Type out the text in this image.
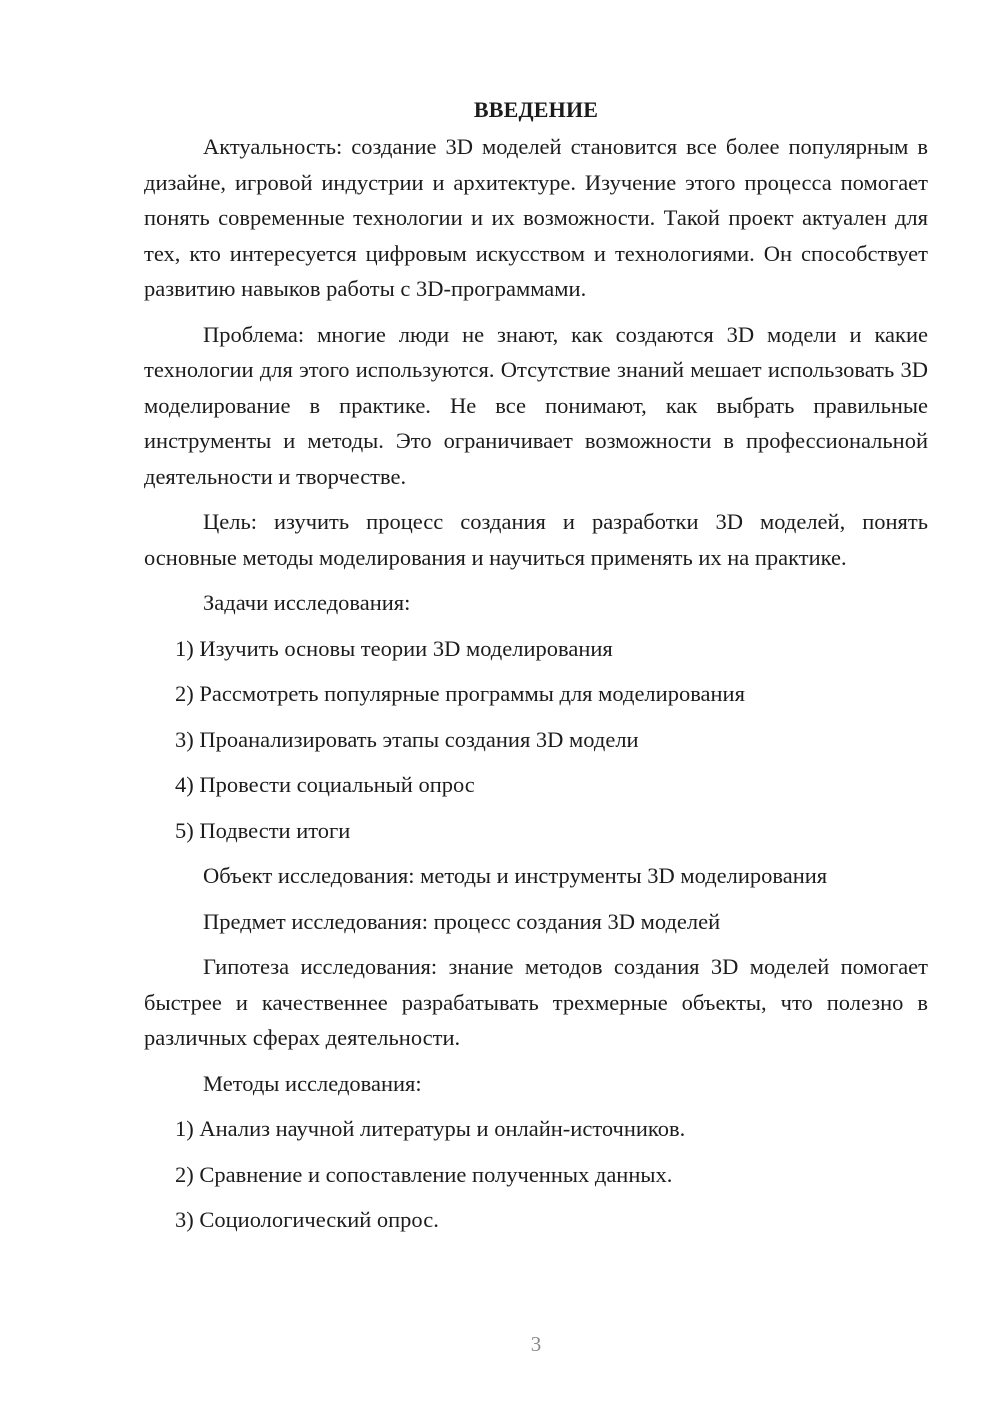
ВВЕДЕНИЕ

Актуальность: создание 3D моделей становится все более популярным в дизайне, игровой индустрии и архитектуре. Изучение этого процесса помогает понять современные технологии и их возможности. Такой проект актуален для тех, кто интересуется цифровым искусством и технологиями. Он способствует развитию навыков работы с 3D-программами.

Проблема: многие люди не знают, как создаются 3D модели и какие технологии для этого используются. Отсутствие знаний мешает использовать 3D моделирование в практике. Не все понимают, как выбрать правильные инструменты и методы. Это ограничивает возможности в профессиональной деятельности и творчестве.

Цель: изучить процесс создания и разработки 3D моделей, понять основные методы моделирования и научиться применять их на практике.

Задачи исследования:

1) Изучить основы теории 3D моделирования

2) Рассмотреть популярные программы для моделирования

3) Проанализировать этапы создания 3D модели

4) Провести социальный опрос

5) Подвести итоги

Объект исследования: методы и инструменты 3D моделирования

Предмет исследования: процесс создания 3D моделей

Гипотеза исследования: знание методов создания 3D моделей помогает быстрее и качественнее разрабатывать трехмерные объекты, что полезно в различных сферах деятельности.

Методы исследования:

1) Анализ научной литературы и онлайн-источников.

2) Сравнение и сопоставление полученных данных.

3) Социологический опрос.

3
